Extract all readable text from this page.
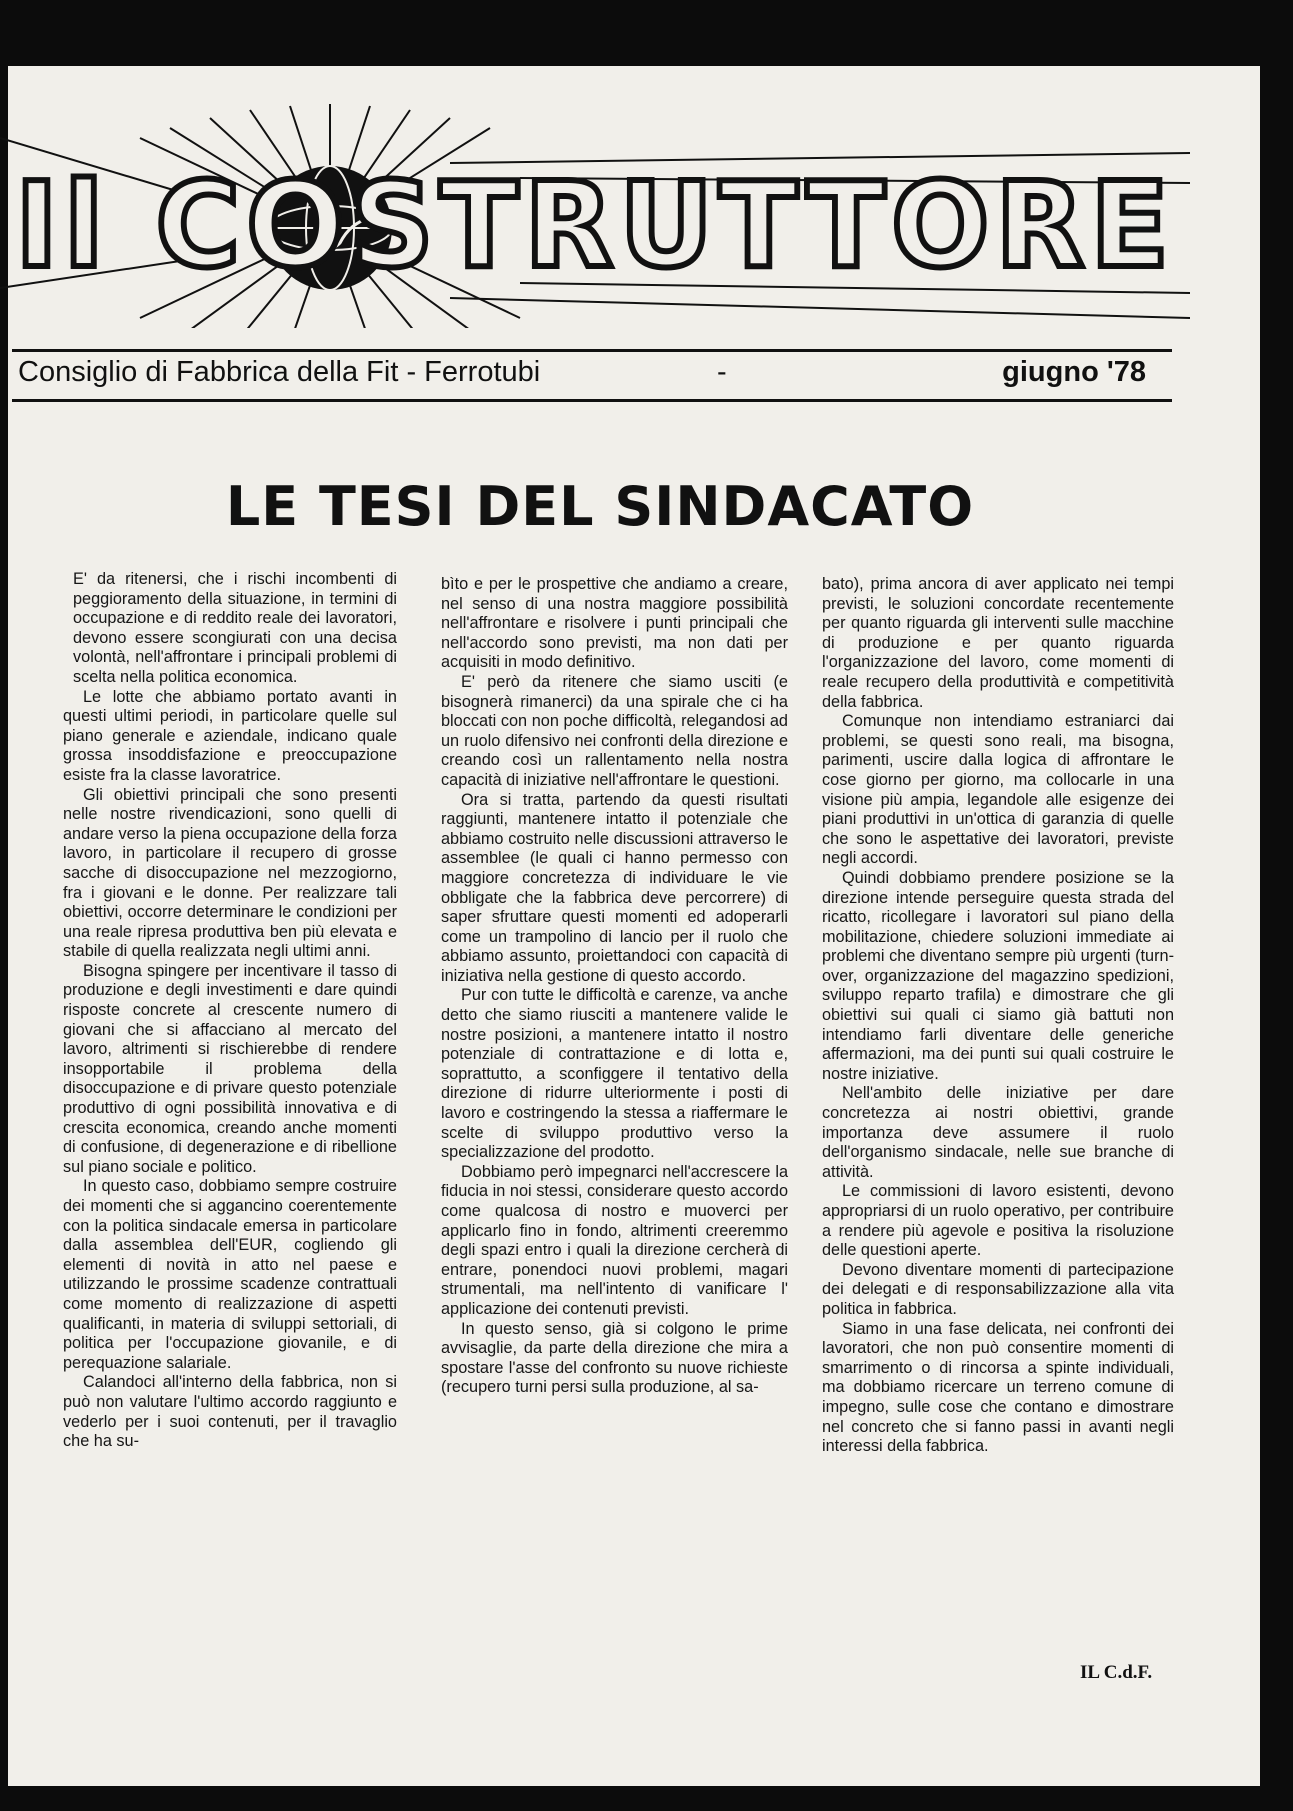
Il COSTRUTTORE
Consiglio di Fabbrica della Fit - Ferrotubi	-	giugno '78
LE TESI DEL SINDACATO

E' da ritenersi, che i rischi incombenti di peggioramento della situazione, in termini di occupazione e di reddito reale dei lavoratori, devono essere scongiurati con una decisa volontà, nell'affrontare i principali problemi di scelta nella politica economica.

Le lotte che abbiamo portato avanti in questi ultimi periodi, in particolare quelle sul piano generale e aziendale, indicano quale grossa insoddisfazione e preoccupazione esiste fra la classe lavoratrice.

Gli obiettivi principali che sono presenti nelle nostre rivendicazioni, sono quelli di andare verso la piena occupazione della forza lavoro, in particolare il recupero di grosse sacche di disoccupazione nel mezzogiorno, fra i giovani e le donne. Per realizzare tali obiettivi, occorre determinare le condizioni per una reale ripresa produttiva ben più elevata e stabile di quella realizzata negli ultimi anni.

Bisogna spingere per incentivare il tasso di produzione e degli investimenti e dare quindi risposte concrete al crescente numero di giovani che si affacciano al mercato del lavoro, altrimenti si rischierebbe di rendere insopportabile il problema della disoccupazione e di privare questo potenziale produttivo di ogni possibilità innovativa e di crescita economica, creando anche momenti di confusione, di degenerazione e di ribellione sul piano sociale e politico.

In questo caso, dobbiamo sempre costruire dei momenti che si aggancino coerentemente con la politica sindacale emersa in particolare dalla assemblea dell'EUR, cogliendo gli elementi di novità in atto nel paese e utilizzando le prossime scadenze contrattuali come momento di realizzazione di aspetti qualificanti, in materia di sviluppi settoriali, di politica per l'occupazione giovanile, e di perequazione salariale.

Calandoci all'interno della fabbrica, non si può non valutare l'ultimo accordo raggiunto e vederlo per i suoi contenuti, per il travaglio che ha su-

bìto e per le prospettive che andiamo a creare, nel senso di una nostra maggiore possibilità nell'affrontare e risolvere i punti principali che nell'accordo sono previsti, ma non dati per acquisiti in modo definitivo.

E' però da ritenere che siamo usciti (e bisognerà rimanerci) da una spirale che ci ha bloccati con non poche difficoltà, relegandosi ad un ruolo difensivo nei confronti della direzione e creando così un rallentamento nella nostra capacità di iniziative nell'affrontare le questioni.

Ora si tratta, partendo da questi risultati raggiunti, mantenere intatto il potenziale che abbiamo costruito nelle discussioni attraverso le assemblee (le quali ci hanno permesso con maggiore concretezza di individuare le vie obbligate che la fabbrica deve percorrere) di saper sfruttare questi momenti ed adoperarli come un trampolino di lancio per il ruolo che abbiamo assunto, proiettandoci con capacità di iniziativa nella gestione di questo accordo.

Pur con tutte le difficoltà e carenze, va anche detto che siamo riusciti a mantenere valide le nostre posizioni, a mantenere intatto il nostro potenziale di contrattazione e di lotta e, soprattutto, a sconfiggere il tentativo della direzione di ridurre ulteriormente i posti di lavoro e costringendo la stessa a riaffermare le scelte di sviluppo produttivo verso la specializzazione del prodotto.

Dobbiamo però impegnarci nell'accrescere la fiducia in noi stessi, considerare questo accordo come qualcosa di nostro e muoverci per applicarlo fino in fondo, altrimenti creeremmo degli spazi entro i quali la direzione cercherà di entrare, ponendoci nuovi problemi, magari strumentali, ma nell'intento di vanificare l' applicazione dei contenuti previsti.

In questo senso, già si colgono le prime avvisaglie, da parte della direzione che mira a spostare l'asse del confronto su nuove richieste (recupero turni persi sulla produzione, al sa-

bato), prima ancora di aver applicato nei tempi previsti, le soluzioni concordate recentemente per quanto riguarda gli interventi sulle macchine di produzione e per quanto riguarda l'organizzazione del lavoro, come momenti di reale recupero della produttività e competitività della fabbrica.

Comunque non intendiamo estraniarci dai problemi, se questi sono reali, ma bisogna, parimenti, uscire dalla logica di affrontare le cose giorno per giorno, ma collocarle in una visione più ampia, legandole alle esigenze dei piani produttivi in un'ottica di garanzia di quelle che sono le aspettative dei lavoratori, previste negli accordi.

Quindi dobbiamo prendere posizione se la direzione intende perseguire questa strada del ricatto, ricollegare i lavoratori sul piano della mobilitazione, chiedere soluzioni immediate ai problemi che diventano sempre più urgenti (turn-over, organizzazione del magazzino spedizioni, sviluppo reparto trafila) e dimostrare che gli obiettivi sui quali ci siamo già battuti non intendiamo farli diventare delle generiche affermazioni, ma dei punti sui quali costruire le nostre iniziative.

Nell'ambito delle iniziative per dare concretezza ai nostri obiettivi, grande importanza deve assumere il ruolo dell'organismo sindacale, nelle sue branche di attività.

Le commissioni di lavoro esistenti, devono appropriarsi di un ruolo operativo, per contribuire a rendere più agevole e positiva la risoluzione delle questioni aperte.

Devono diventare momenti di partecipazione dei delegati e di responsabilizzazione alla vita politica in fabbrica.

Siamo in una fase delicata, nei confronti dei lavoratori, che non può consentire momenti di smarrimento o di rincorsa a spinte individuali, ma dobbiamo ricercare un terreno comune di impegno, sulle cose che contano e dimostrare nel concreto che si fanno passi in avanti negli interessi della fabbrica.

IL C.d.F.
